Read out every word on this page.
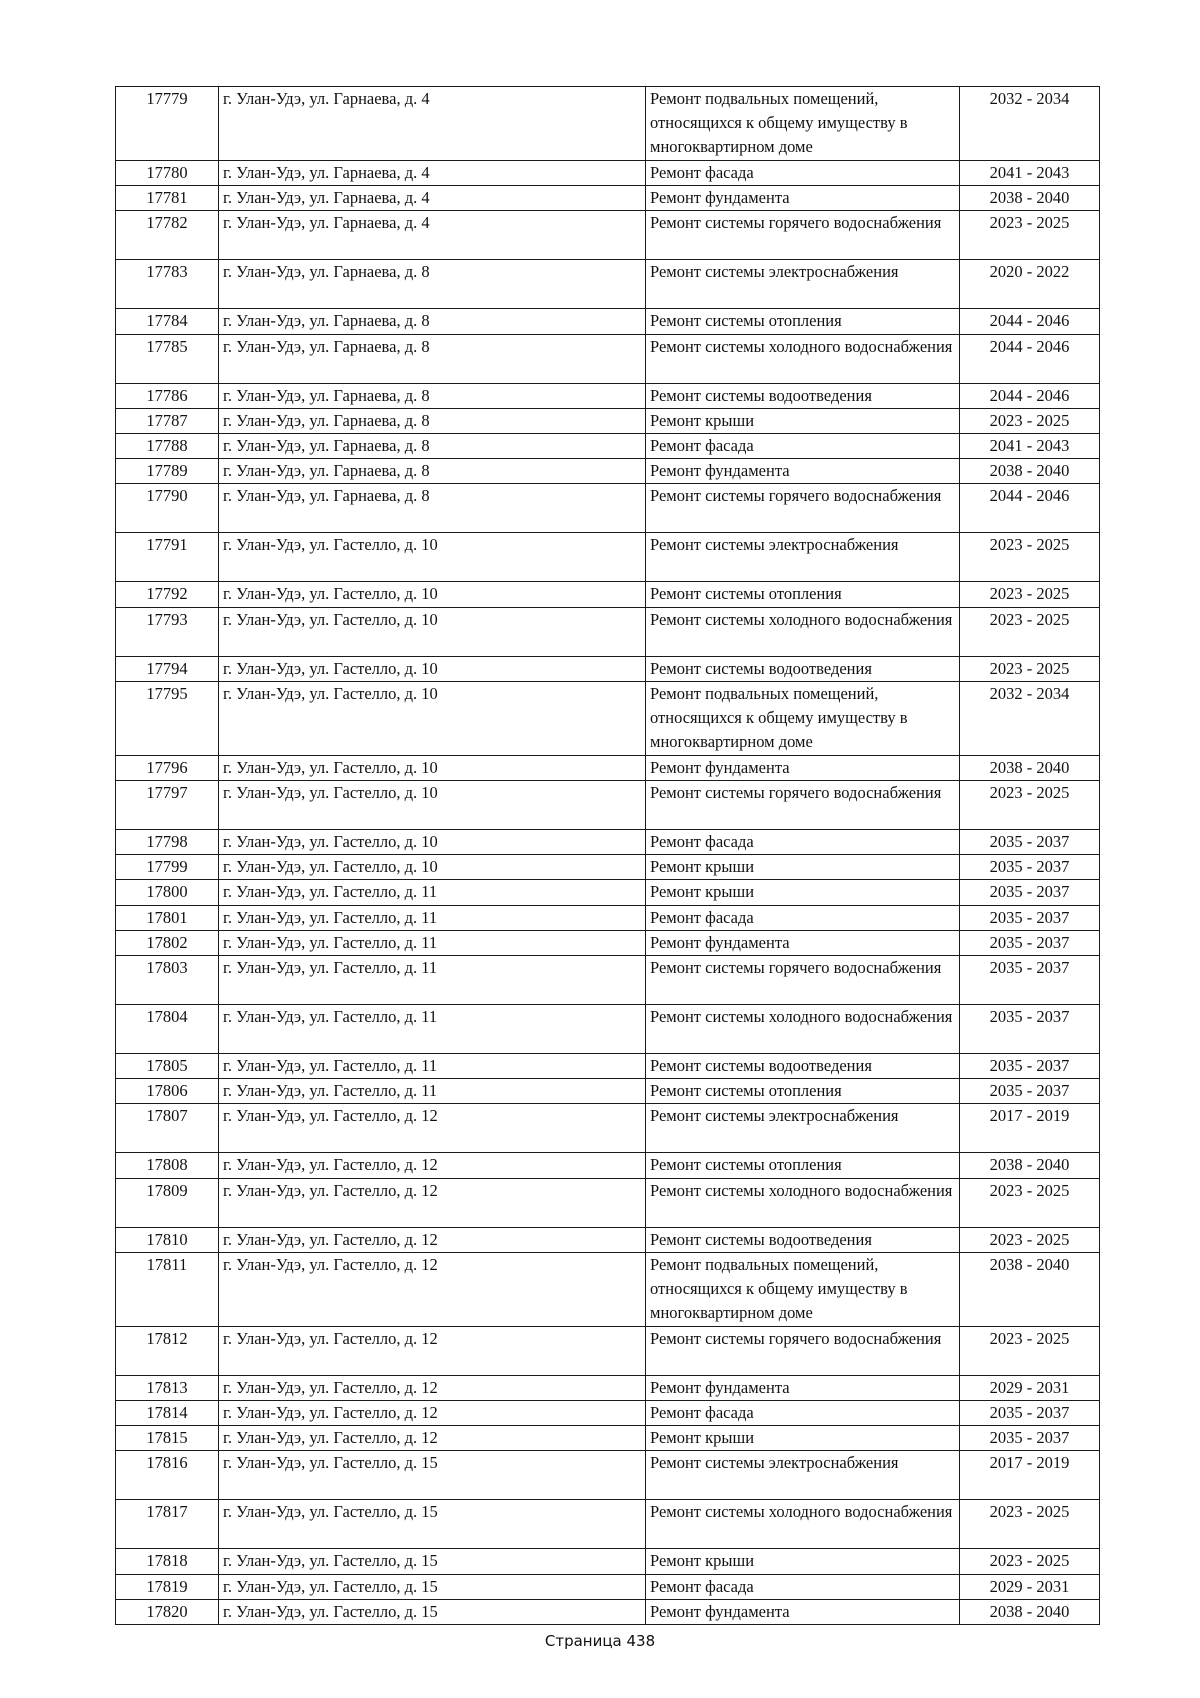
17779	г. Улан-Удэ, ул. Гарнаева, д. 4	Ремонт подвальных помещений, относящихся к общему имуществу в многоквартирном доме	2032 - 2034
17780	г. Улан-Удэ, ул. Гарнаева, д. 4	Ремонт фасада	2041 - 2043
17781	г. Улан-Удэ, ул. Гарнаева, д. 4	Ремонт фундамента	2038 - 2040
17782	г. Улан-Удэ, ул. Гарнаева, д. 4	Ремонт системы горячего водоснабжения	2023 - 2025
17783	г. Улан-Удэ, ул. Гарнаева, д. 8	Ремонт системы электроснабжения	2020 - 2022
17784	г. Улан-Удэ, ул. Гарнаева, д. 8	Ремонт системы отопления	2044 - 2046
17785	г. Улан-Удэ, ул. Гарнаева, д. 8	Ремонт системы холодного водоснабжения	2044 - 2046
17786	г. Улан-Удэ, ул. Гарнаева, д. 8	Ремонт системы водоотведения	2044 - 2046
17787	г. Улан-Удэ, ул. Гарнаева, д. 8	Ремонт крыши	2023 - 2025
17788	г. Улан-Удэ, ул. Гарнаева, д. 8	Ремонт фасада	2041 - 2043
17789	г. Улан-Удэ, ул. Гарнаева, д. 8	Ремонт фундамента	2038 - 2040
17790	г. Улан-Удэ, ул. Гарнаева, д. 8	Ремонт системы горячего водоснабжения	2044 - 2046
17791	г. Улан-Удэ, ул. Гастелло, д. 10	Ремонт системы электроснабжения	2023 - 2025
17792	г. Улан-Удэ, ул. Гастелло, д. 10	Ремонт системы отопления	2023 - 2025
17793	г. Улан-Удэ, ул. Гастелло, д. 10	Ремонт системы холодного водоснабжения	2023 - 2025
17794	г. Улан-Удэ, ул. Гастелло, д. 10	Ремонт системы водоотведения	2023 - 2025
17795	г. Улан-Удэ, ул. Гастелло, д. 10	Ремонт подвальных помещений, относящихся к общему имуществу в многоквартирном доме	2032 - 2034
17796	г. Улан-Удэ, ул. Гастелло, д. 10	Ремонт фундамента	2038 - 2040
17797	г. Улан-Удэ, ул. Гастелло, д. 10	Ремонт системы горячего водоснабжения	2023 - 2025
17798	г. Улан-Удэ, ул. Гастелло, д. 10	Ремонт фасада	2035 - 2037
17799	г. Улан-Удэ, ул. Гастелло, д. 10	Ремонт крыши	2035 - 2037
17800	г. Улан-Удэ, ул. Гастелло, д. 11	Ремонт крыши	2035 - 2037
17801	г. Улан-Удэ, ул. Гастелло, д. 11	Ремонт фасада	2035 - 2037
17802	г. Улан-Удэ, ул. Гастелло, д. 11	Ремонт фундамента	2035 - 2037
17803	г. Улан-Удэ, ул. Гастелло, д. 11	Ремонт системы горячего водоснабжения	2035 - 2037
17804	г. Улан-Удэ, ул. Гастелло, д. 11	Ремонт системы холодного водоснабжения	2035 - 2037
17805	г. Улан-Удэ, ул. Гастелло, д. 11	Ремонт системы водоотведения	2035 - 2037
17806	г. Улан-Удэ, ул. Гастелло, д. 11	Ремонт системы отопления	2035 - 2037
17807	г. Улан-Удэ, ул. Гастелло, д. 12	Ремонт системы электроснабжения	2017 - 2019
17808	г. Улан-Удэ, ул. Гастелло, д. 12	Ремонт системы отопления	2038 - 2040
17809	г. Улан-Удэ, ул. Гастелло, д. 12	Ремонт системы холодного водоснабжения	2023 - 2025
17810	г. Улан-Удэ, ул. Гастелло, д. 12	Ремонт системы водоотведения	2023 - 2025
17811	г. Улан-Удэ, ул. Гастелло, д. 12	Ремонт подвальных помещений, относящихся к общему имуществу в многоквартирном доме	2038 - 2040
17812	г. Улан-Удэ, ул. Гастелло, д. 12	Ремонт системы горячего водоснабжения	2023 - 2025
17813	г. Улан-Удэ, ул. Гастелло, д. 12	Ремонт фундамента	2029 - 2031
17814	г. Улан-Удэ, ул. Гастелло, д. 12	Ремонт фасада	2035 - 2037
17815	г. Улан-Удэ, ул. Гастелло, д. 12	Ремонт крыши	2035 - 2037
17816	г. Улан-Удэ, ул. Гастелло, д. 15	Ремонт системы электроснабжения	2017 - 2019
17817	г. Улан-Удэ, ул. Гастелло, д. 15	Ремонт системы холодного водоснабжения	2023 - 2025
17818	г. Улан-Удэ, ул. Гастелло, д. 15	Ремонт крыши	2023 - 2025
17819	г. Улан-Удэ, ул. Гастелло, д. 15	Ремонт фасада	2029 - 2031
17820	г. Улан-Удэ, ул. Гастелло, д. 15	Ремонт фундамента	2038 - 2040
Страница 438
